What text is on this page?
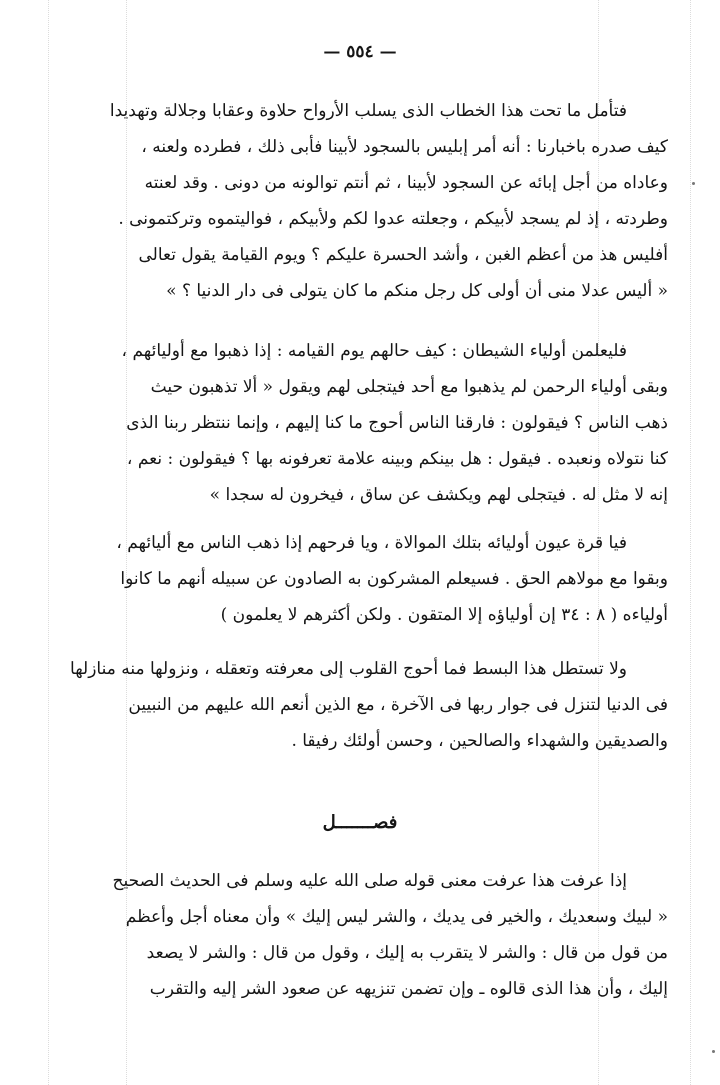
— ٥٥٤ —
فتأمل ما تحت هذا الخطاب الذى يسلب الأرواح حلاوة وعقابا وجلالة وتهديدا
كيف صدره باخبارنا : أنه أمر إبليس بالسجود لأبينا فأبى ذلك ، فطرده ولعنه ،
وعاداه من أجل إبائه عن السجود لأبينا ، ثم أنتم توالونه من دونى . وقد لعنته
وطردته ، إذ لم يسجد لأبيكم ، وجعلته عدوا لكم ولأبيكم ، فواليتموه وتركتمونى .
أفليس هذ من أعظم الغبن ، وأشد الحسرة عليكم ؟ ويوم القيامة يقول تعالى
« أليس عدلا منى أن أولى كل رجل منكم ما كان يتولى فى دار الدنيا ؟ »
فليعلمن أولياء الشيطان : كيف حالهم يوم القيامه : إذا ذهبوا مع أوليائهم ،
وبقى أولياء الرحمن لم يذهبوا مع أحد فيتجلى لهم ويقول « ألا تذهبون حيث
ذهب الناس ؟ فيقولون : فارقنا الناس أحوج ما كنا إليهم ، وإنما ننتظر ربنا الذى
كنا نتولاه ونعبده . فيقول : هل بينكم وبينه علامة تعرفونه بها ؟ فيقولون : نعم ،
إنه لا مثل له . فيتجلى لهم ويكشف عن ساق ، فيخرون له سجدا »
فيا قرة عيون أوليائه بتلك الموالاة ، ويا فرحهم إذا ذهب الناس مع أليائهم ،
وبقوا مع مولاهم الحق . فسيعلم المشركون به الصادون عن سبيله أنهم ما كانوا
أولياءه ( ٨ : ٣٤ إن أولياؤه إلا المتقون . ولكن أكثرهم لا يعلمون )
ولا تستطل هذا البسط فما أحوج القلوب إلى معرفته وتعقله ، ونزولها منه منازلها
فى الدنيا لتنزل فى جوار ربها فى الآخرة ، مع الذين أنعم الله عليهم من النبيين
والصديقين والشهداء والصالحين ، وحسن أولئك رفيقا .
فصـــــــل
إذا عرفت هذا عرفت معنى قوله صلى الله عليه وسلم فى الحديث الصحيح
« لبيك وسعديك ، والخير فى يديك ، والشر ليس إليك » وأن معناه أجل وأعظم
من قول من قال : والشر لا يتقرب به إليك ، وقول من قال : والشر لا يصعد
إليك ، وأن هذا الذى قالوه ـ وإن تضمن تنزيهه عن صعود الشر إليه والتقرب
